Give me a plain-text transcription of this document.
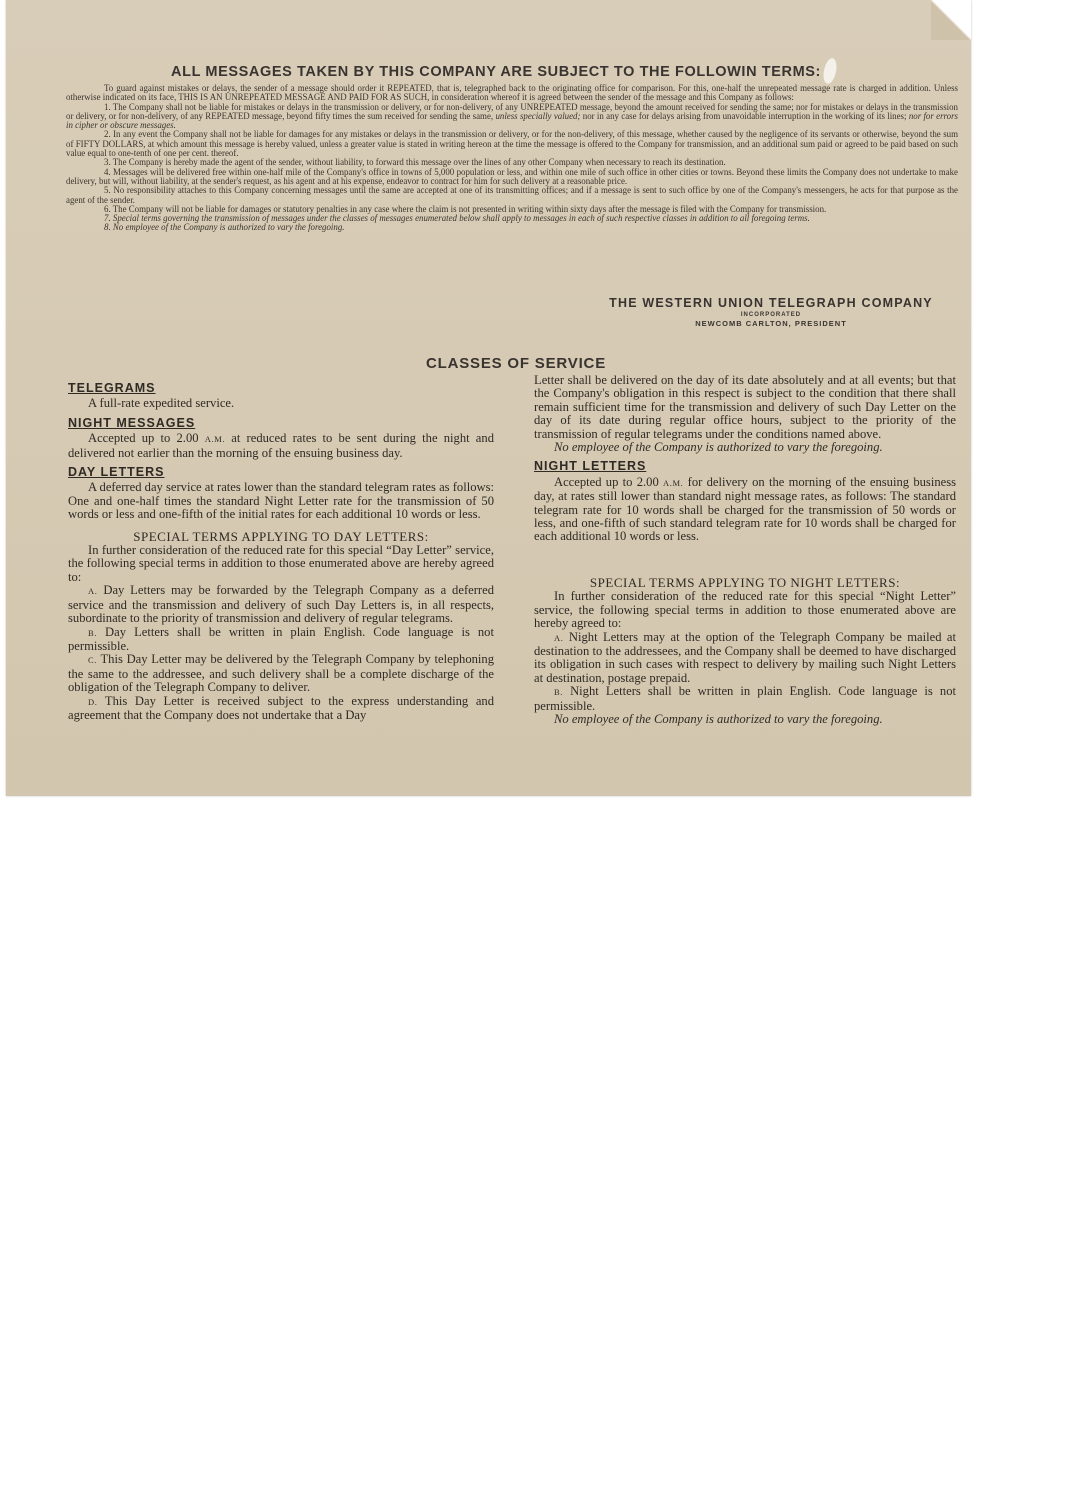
ALL MESSAGES TAKEN BY THIS COMPANY ARE SUBJECT TO THE FOLLOWIN TERMS:

To guard against mistakes or delays, the sender of a message should order it REPEATED, that is, telegraphed back to the originating office for comparison. For this, one-half the unrepeated message rate is charged in addition. Unless otherwise indicated on its face, THIS IS AN UNREPEATED MESSAGE AND PAID FOR AS SUCH, in consideration whereof it is agreed between the sender of the message and this Company as follows:

1. The Company shall not be liable for mistakes or delays in the transmission or delivery, or for non-delivery, of any UNREPEATED message, beyond the amount received for sending the same; nor for mistakes or delays in the transmission or delivery, or for non-delivery, of any REPEATED message, beyond fifty times the sum received for sending the same, unless specially valued; nor in any case for delays arising from unavoidable interruption in the working of its lines; nor for errors in cipher or obscure messages.

2. In any event the Company shall not be liable for damages for any mistakes or delays in the transmission or delivery, or for the non-delivery, of this message, whether caused by the negligence of its servants or otherwise, beyond the sum of FIFTY DOLLARS, at which amount this message is hereby valued, unless a greater value is stated in writing hereon at the time the message is offered to the Company for transmission, and an additional sum paid or agreed to be paid based on such value equal to one-tenth of one per cent. thereof.

3. The Company is hereby made the agent of the sender, without liability, to forward this message over the lines of any other Company when necessary to reach its destination.

4. Messages will be delivered free within one-half mile of the Company's office in towns of 5,000 population or less, and within one mile of such office in other cities or towns. Beyond these limits the Company does not undertake to make delivery, but will, without liability, at the sender's request, as his agent and at his expense, endeavor to contract for him for such delivery at a reasonable price.

5. No responsibility attaches to this Company concerning messages until the same are accepted at one of its transmitting offices; and if a message is sent to such office by one of the Company's messengers, he acts for that purpose as the agent of the sender.

6. The Company will not be liable for damages or statutory penalties in any case where the claim is not presented in writing within sixty days after the message is filed with the Company for transmission.

7. Special terms governing the transmission of messages under the classes of messages enumerated below shall apply to messages in each of such respective classes in addition to all foregoing terms.

8. No employee of the Company is authorized to vary the foregoing.

THE WESTERN UNION TELEGRAPH COMPANY
INCORPORATED
NEWCOMB CARLTON, PRESIDENT
CLASSES OF SERVICE
TELEGRAMS

A full-rate expedited service.

NIGHT MESSAGES

Accepted up to 2.00 A.M. at reduced rates to be sent during the night and delivered not earlier than the morning of the ensuing business day.

DAY LETTERS

A deferred day service at rates lower than the standard telegram rates as follows: One and one-half times the standard Night Letter rate for the transmission of 50 words or less and one-fifth of the initial rates for each additional 10 words or less.

SPECIAL TERMS APPLYING TO DAY LETTERS:

In further consideration of the reduced rate for this special “Day Letter” service, the following special terms in addition to those enumerated above are hereby agreed to:

A. Day Letters may be forwarded by the Telegraph Company as a deferred service and the transmission and delivery of such Day Letters is, in all respects, subordinate to the priority of transmission and delivery of regular telegrams.

B. Day Letters shall be written in plain English. Code language is not permissible.

C. This Day Letter may be delivered by the Telegraph Company by telephoning the same to the addressee, and such delivery shall be a complete discharge of the obligation of the Telegraph Company to deliver.

D. This Day Letter is received subject to the express understanding and agreement that the Company does not undertake that a Day

Letter shall be delivered on the day of its date absolutely and at all events; but that the Company's obligation in this respect is subject to the condition that there shall remain sufficient time for the transmission and delivery of such Day Letter on the day of its date during regular office hours, subject to the priority of the transmission of regular telegrams under the conditions named above.

No employee of the Company is authorized to vary the foregoing.

NIGHT LETTERS

Accepted up to 2.00 A.M. for delivery on the morning of the ensuing business day, at rates still lower than standard night message rates, as follows: The standard telegram rate for 10 words shall be charged for the transmission of 50 words or less, and one-fifth of such standard telegram rate for 10 words shall be charged for each additional 10 words or less.

SPECIAL TERMS APPLYING TO NIGHT LETTERS:

In further consideration of the reduced rate for this special “Night Letter” service, the following special terms in addition to those enumerated above are hereby agreed to:

A. Night Letters may at the option of the Telegraph Company be mailed at destination to the addressees, and the Company shall be deemed to have discharged its obligation in such cases with respect to delivery by mailing such Night Letters at destination, postage prepaid.

B. Night Letters shall be written in plain English. Code language is not permissible.

No employee of the Company is authorized to vary the foregoing.
